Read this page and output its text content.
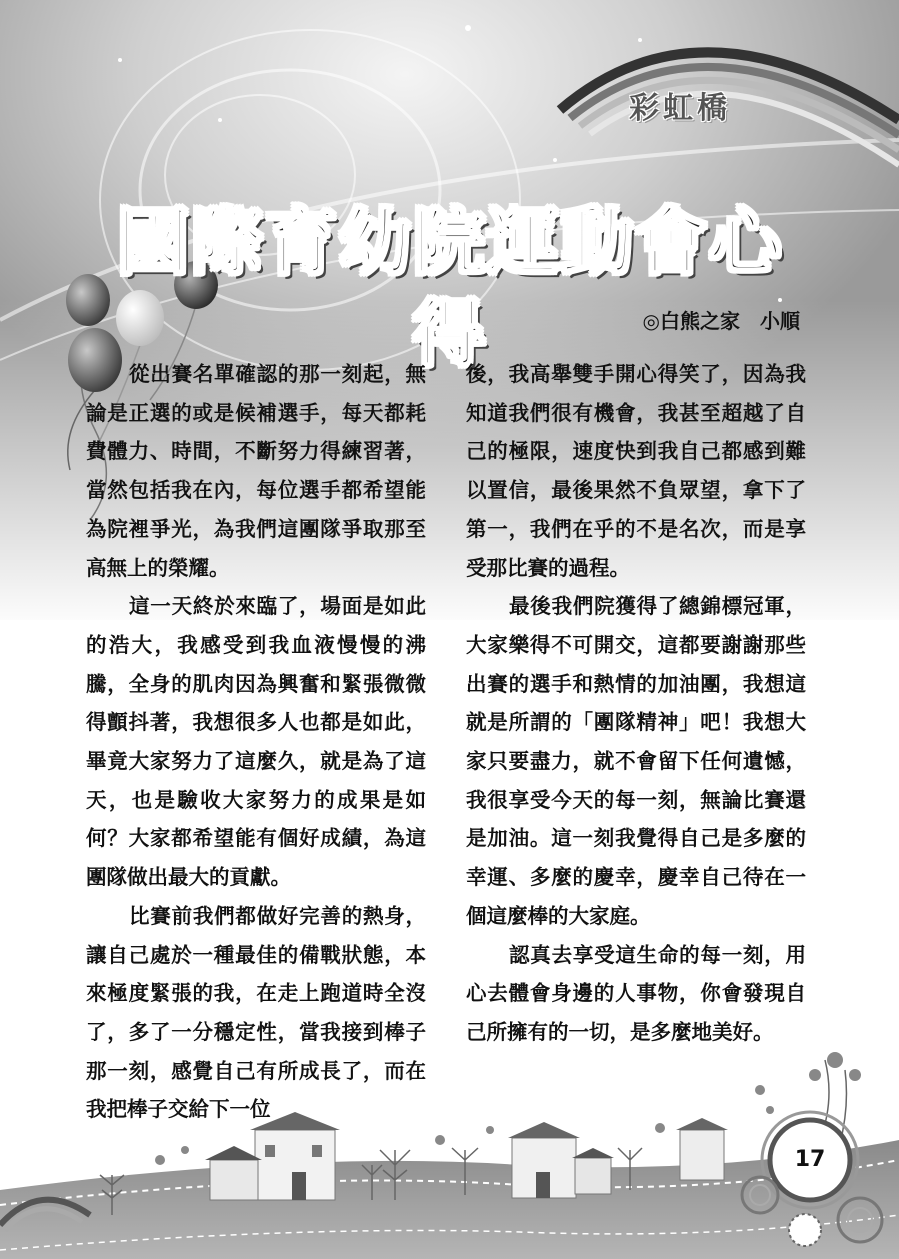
彩虹橋
國際育幼院運動會心得	◎白熊之家　小順

從出賽名單確認的那一刻起，無論是正選的或是候補選手，每天都耗費體力、時間，不斷努力得練習著，當然包括我在內，每位選手都希望能為院裡爭光，為我們這團隊爭取那至高無上的榮耀。

這一天終於來臨了，場面是如此的浩大，我感受到我血液慢慢的沸騰，全身的肌肉因為興奮和緊張微微得顫抖著，我想很多人也都是如此，畢竟大家努力了這麼久，就是為了這天，也是驗收大家努力的成果是如何？大家都希望能有個好成績，為這團隊做出最大的貢獻。

比賽前我們都做好完善的熱身，讓自己處於一種最佳的備戰狀態，本來極度緊張的我，在走上跑道時全沒了，多了一分穩定性，當我接到棒子那一刻，感覺自己有所成長了，而在我把棒子交給下一位

後，我高舉雙手開心得笑了，因為我知道我們很有機會，我甚至超越了自己的極限，速度快到我自己都感到難以置信，最後果然不負眾望，拿下了第一，我們在乎的不是名次，而是享受那比賽的過程。

最後我們院獲得了總錦標冠軍，大家樂得不可開交，這都要謝謝那些出賽的選手和熱情的加油團，我想這就是所謂的「團隊精神」吧！我想大家只要盡力，就不會留下任何遺憾，我很享受今天的每一刻，無論比賽還是加油。這一刻我覺得自己是多麼的幸運、多麼的慶幸，慶幸自己待在一個這麼棒的大家庭。

認真去享受這生命的每一刻，用心去體會身邊的人事物，你會發現自己所擁有的一切，是多麼地美好。

17
